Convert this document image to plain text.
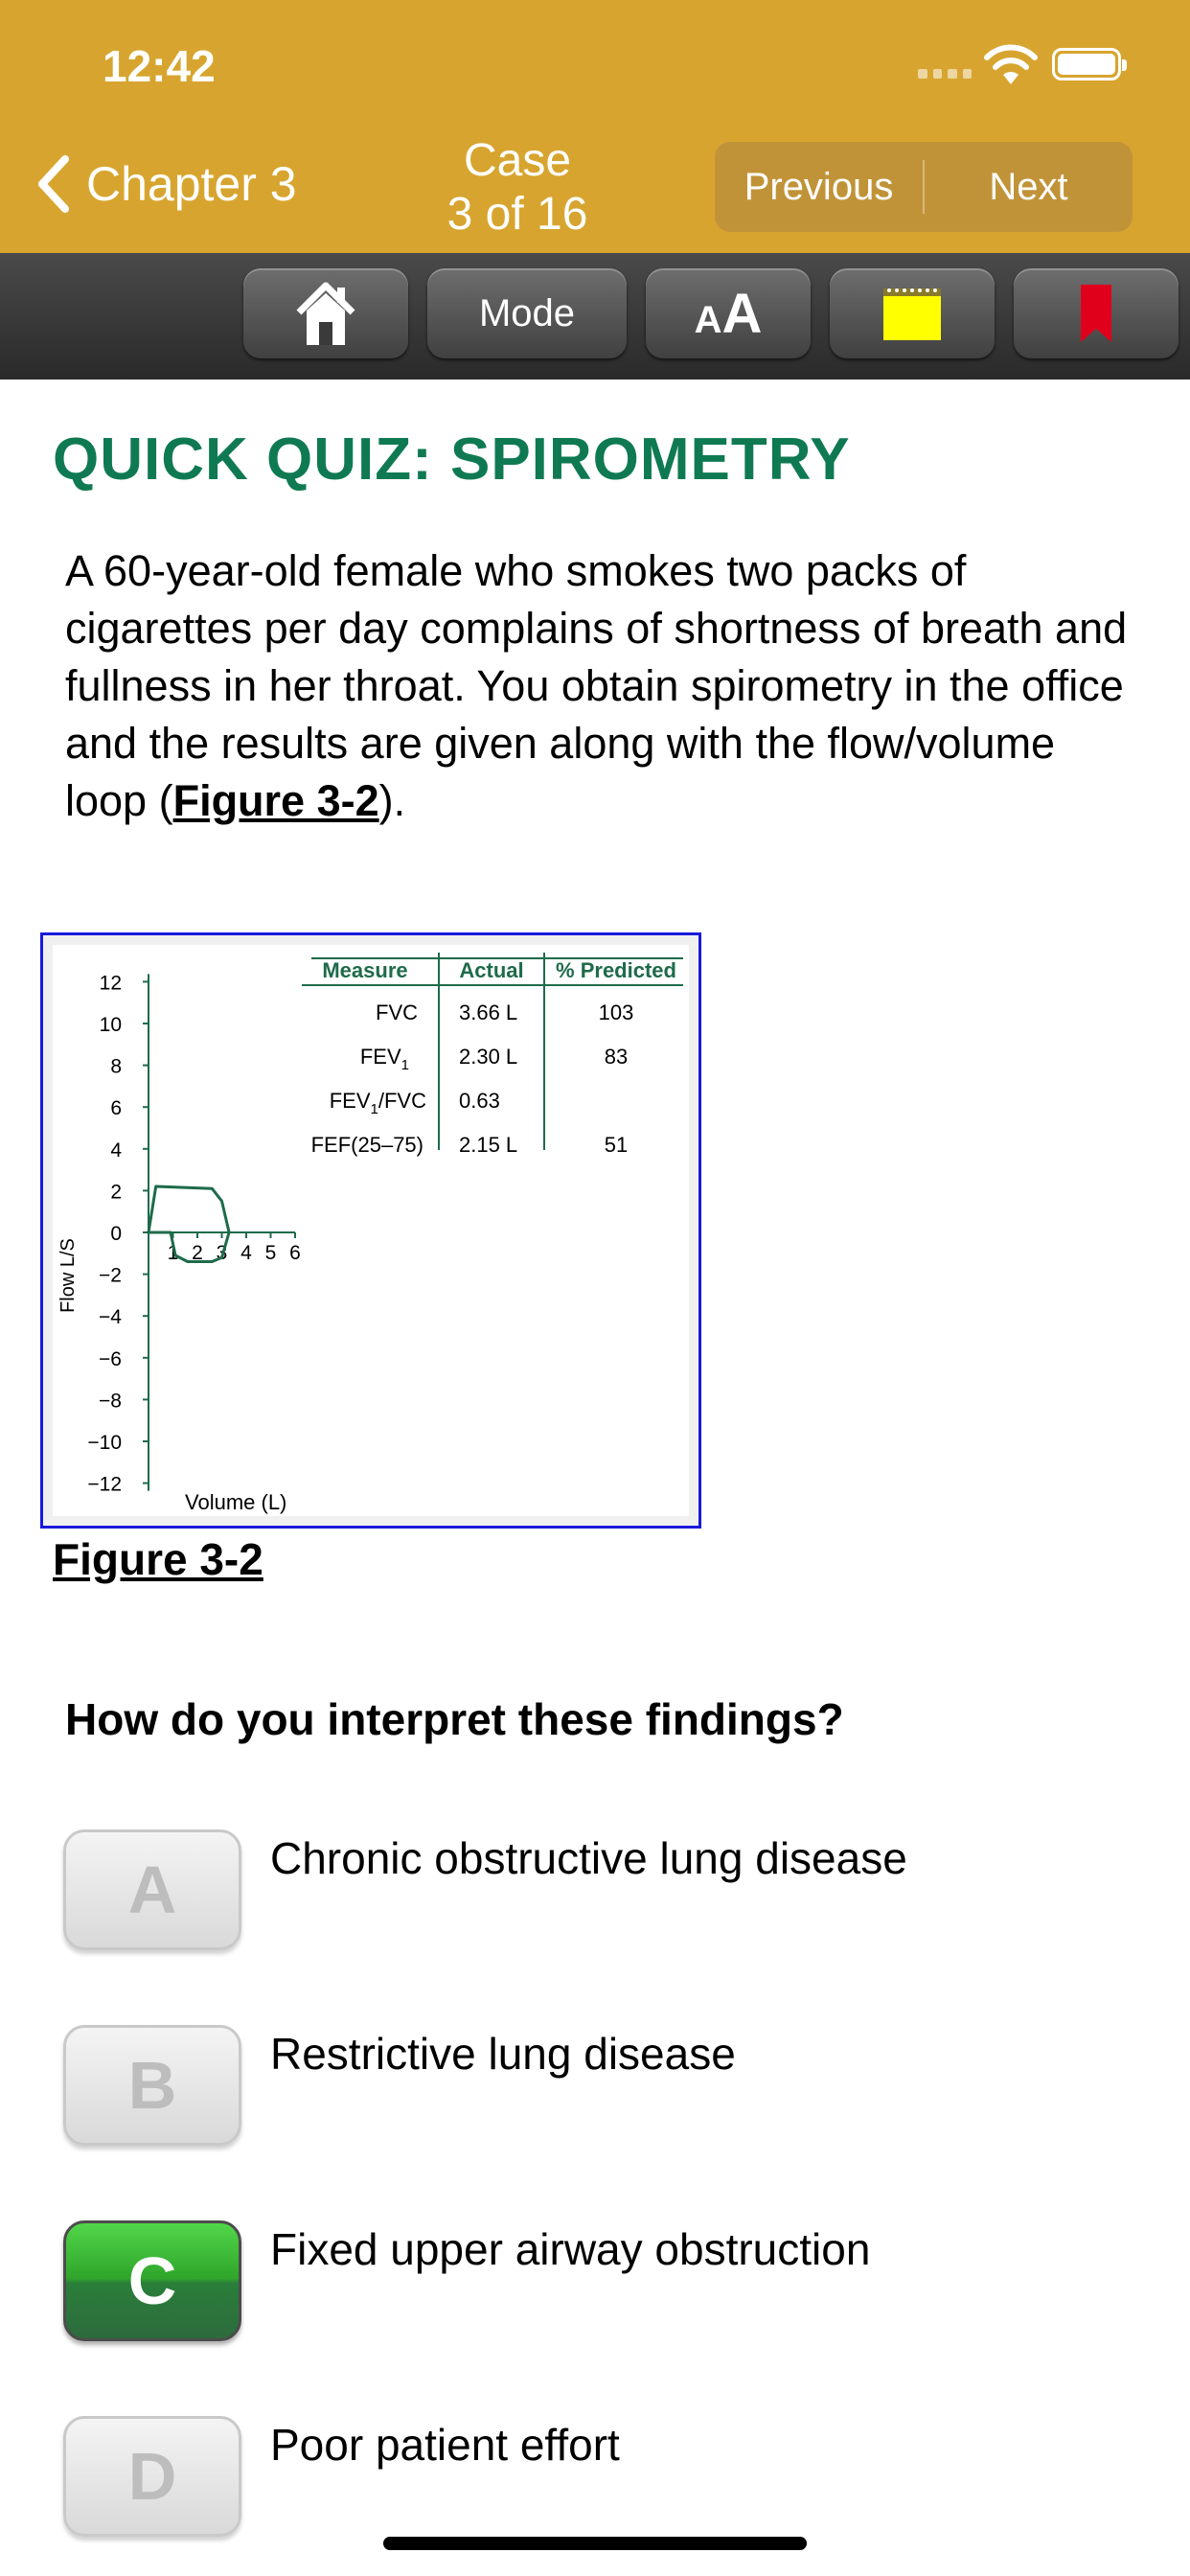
12:42
Chapter 3	Case
3 of 16
Previous	Next
Mode	AA
QUICK QUIZ: SPIROMETRY
A 60-year-old female who smokes two packs of cigarettes per day complains of shortness of breath and fullness in her throat. You obtain spirometry in the office and the results are given along with the flow/volume loop (Figure 3-2).
Measure Actual % Predicted
FVC 3.66 L	103
$FEV_1$ 2.30 L	83
$FEV_1$/FVC 0.63
FEF(25–75) 2.15 L	51
Flow L/S
Volume (L)
12
10
8
6
4
2
0
−2
−4
−6
−8
−10
−12
1 2 3 4 5 6
Figure 3-2
How do you interpret these findings?
A	Chronic obstructive lung disease
B	Restrictive lung disease
C	Fixed upper airway obstruction
D	Poor patient effort
